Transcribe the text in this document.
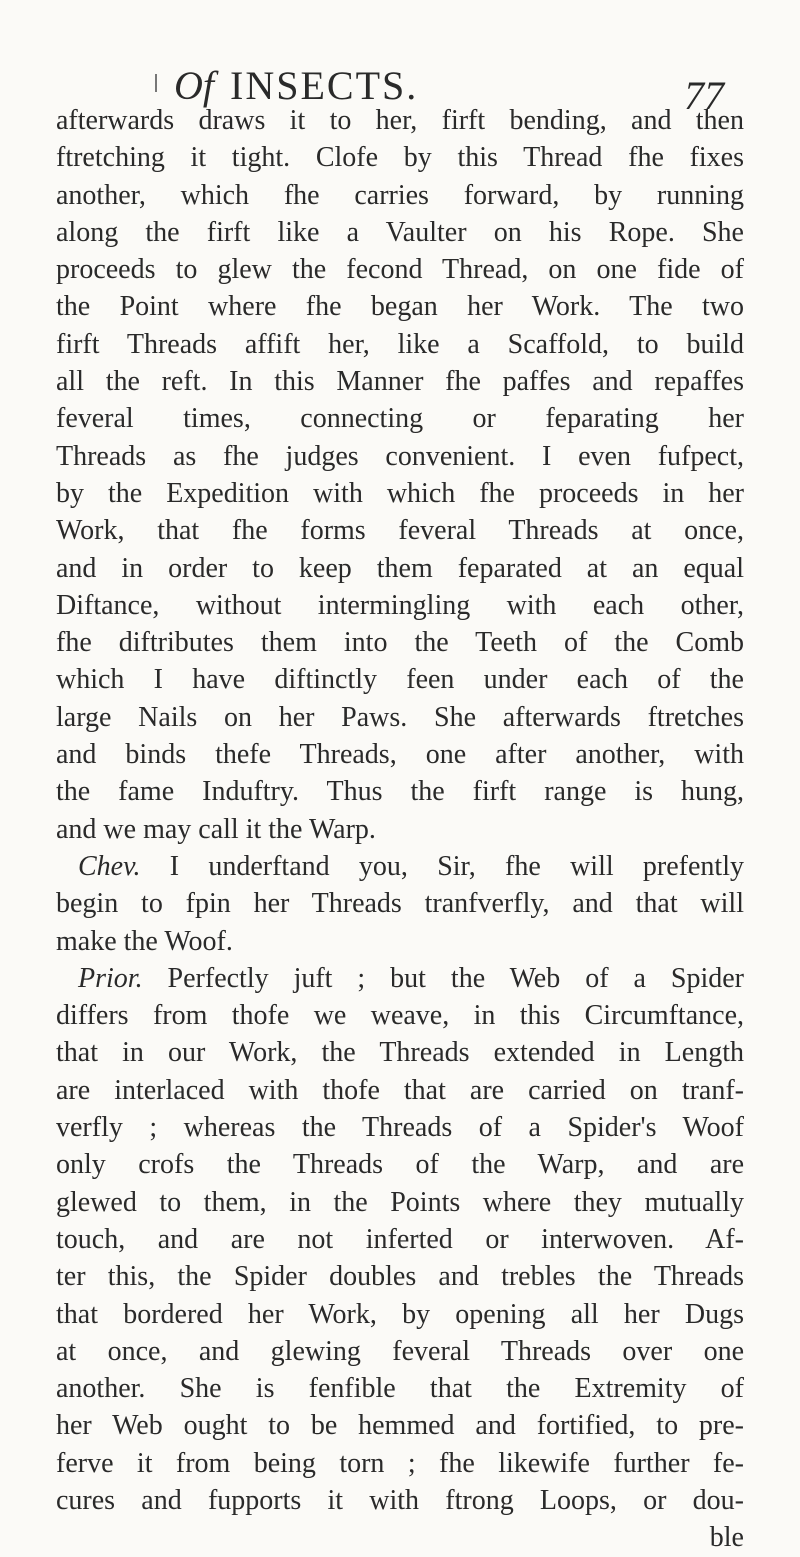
Of INSECTS.	77
afterwards draws it to her, firft bending, and then
ftretching it tight. Clofe by this Thread fhe fixes
another, which fhe carries forward, by running
along the firft like a Vaulter on his Rope. She
proceeds to glew the fecond Thread, on one fide of
the Point where fhe began her Work. The two
firft Threads affift her, like a Scaffold, to build
all the reft. In this Manner fhe paffes and repaffes
feveral times, connecting or feparating her
Threads as fhe judges convenient. I even fufpect,
by the Expedition with which fhe proceeds in her
Work, that fhe forms feveral Threads at once,
and in order to keep them feparated at an equal
Diftance, without intermingling with each other,
fhe diftributes them into the Teeth of the Comb
which I have diftinctly feen under each of the
large Nails on her Paws. She afterwards ftretches
and binds thefe Threads, one after another, with
the fame Induftry. Thus the firft range is hung,
and we may call it the Warp.
Chev. I underftand you, Sir, fhe will prefently
begin to fpin her Threads tranfverfly, and that will
make the Woof.
Prior. Perfectly juft ; but the Web of a Spider
differs from thofe we weave, in this Circumftance,
that in our Work, the Threads extended in Length
are interlaced with thofe that are carried on tranf-
verfly ; whereas the Threads of a Spider's Woof
only crofs the Threads of the Warp, and are
glewed to them, in the Points where they mutually
touch, and are not inferted or interwoven. Af-
ter this, the Spider doubles and trebles the Threads
that bordered her Work, by opening all her Dugs
at once, and glewing feveral Threads over one
another. She is fenfible that the Extremity of
her Web ought to be hemmed and fortified, to pre-
ferve it from being torn ; fhe likewife further fe-
cures and fupports it with ftrong Loops, or dou-
ble
